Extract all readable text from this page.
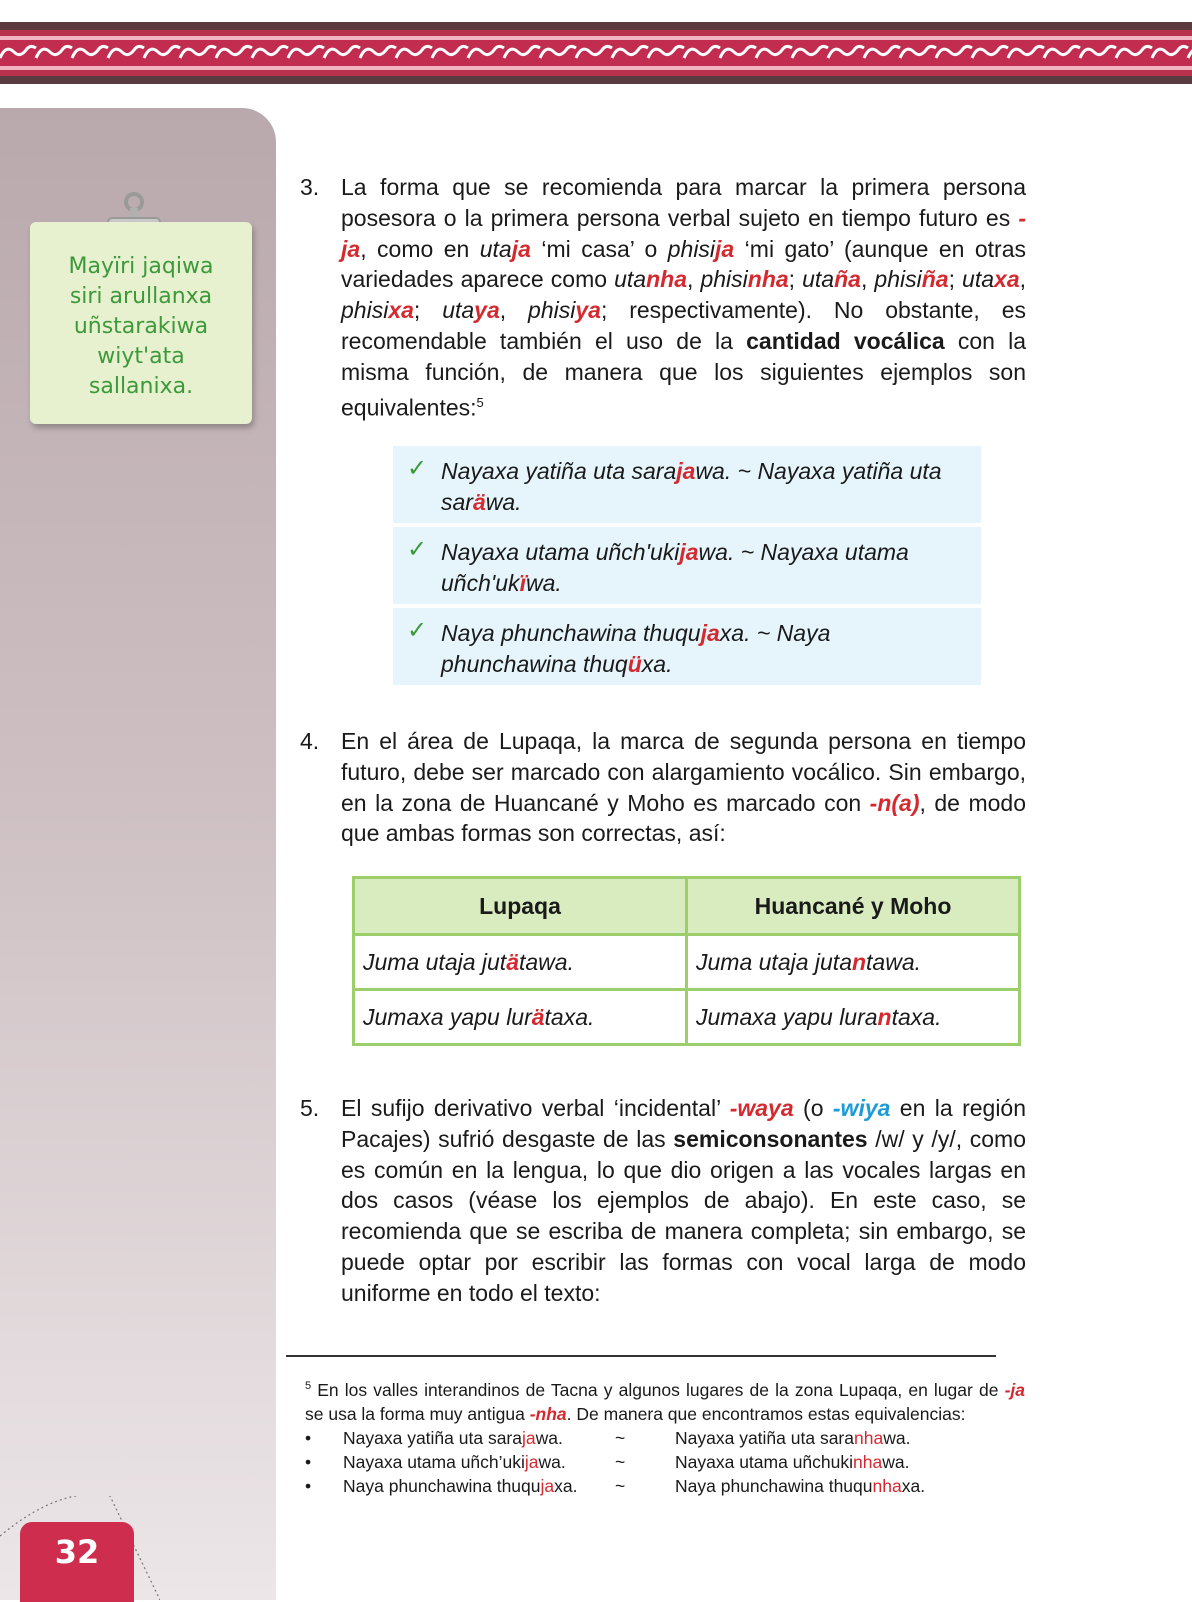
Mayïri jaqiwa
siri arullanxa
uñstarakiwa
wiyt'ata
sallanixa.
32
3. La forma que se recomienda para marcar la primera persona posesora o la primera persona verbal sujeto en tiempo futuro es -ja, como en utaja ‘mi casa’ o phisija ‘mi gato’ (aunque en otras variedades aparece como utanha, phisinha; utaña, phisiña; utaxa, phisixa; utaya, phisiya; respectivamente). No obstante, es recomendable también el uso de la cantidad vocálica con la misma función, de manera que los siguientes ejemplos son equivalentes:$^5$
✓ Nayaxa yatiña uta sarajawa. ~ Nayaxa yatiña uta saräwa.
✓ Nayaxa utama uñch'ukijawa. ~ Nayaxa utama uñch'ukïwa.
✓ Naya phunchawina thuqujaxa. ~ Naya phunchawina thuqüxa.
4. En el área de Lupaqa, la marca de segunda persona en tiempo futuro, debe ser marcado con alargamiento vocálico. Sin embargo, en la zona de Huancané y Moho es marcado con -n(a), de modo que ambas formas son correctas, así:
Lupaqa	Huancané y Moho
Juma utaja jutätawa.	Juma utaja jutantawa.
Jumaxa yapu lurätaxa.	Jumaxa yapu lurantaxa.
5. El sufijo derivativo verbal ‘incidental’ -waya (o -wiya en la región Pacajes) sufrió desgaste de las semiconsonantes /w/ y /y/, como es común en la lengua, lo que dio origen a las vocales largas en dos casos (véase los ejemplos de abajo). En este caso, se recomienda que se escriba de manera completa; sin embargo, se puede optar por escribir las formas con vocal larga de modo uniforme en todo el texto:
$^5$ En los valles interandinos de Tacna y algunos lugares de la zona Lupaqa, en lugar de -ja se usa la forma muy antigua -nha. De manera que encontramos estas equivalencias:
•	Nayaxa yatiña uta sarajawa.	~	Nayaxa yatiña uta saranhawa.
•	Nayaxa utama uñch’ukijawa.	~	Nayaxa utama uñchukinhawa.
•	Naya phunchawina thuqujaxa.	~	Naya phunchawina thuqunhaxa.
